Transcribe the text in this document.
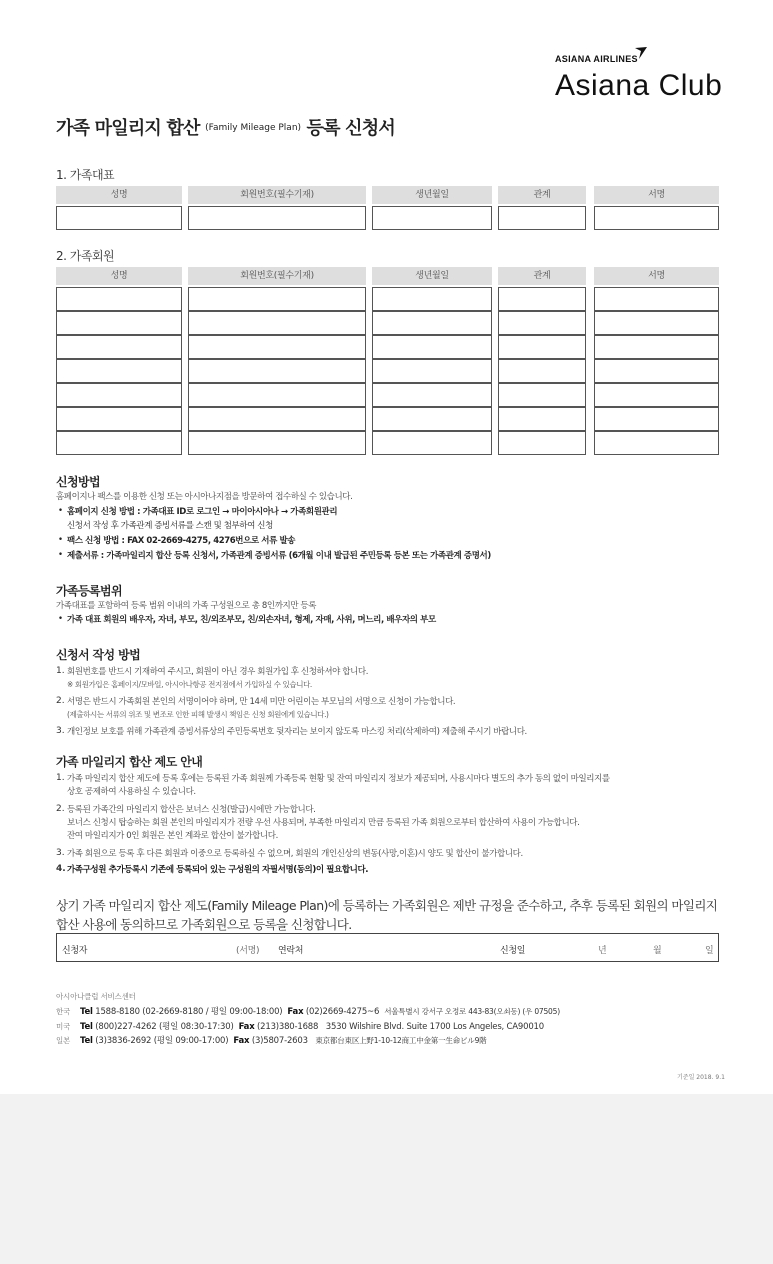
ASIANA AIRLINES
Asiana Club
가족 마일리지 합산 $^{(Family Mileage Plan)}$ 등록 신청서
1. 가족대표
성명	회원번호(필수기재)	생년월일	관계	서명
2. 가족회원
성명	회원번호(필수기재)	생년월일	관계	서명
신청방법
홈페이지나 팩스를 이용한 신청 또는 아시아나지점을 방문하여 접수하실 수 있습니다.
• 홈페이지 신청 방법 : 가족대표 ID로 로그인 → 마이아시아나 → 가족회원관리
신청서 작성 후 가족관계 증빙서류를 스캔 및 첨부하여 신청
• 팩스 신청 방법 : FAX 02-2669-4275, 4276번으로 서류 발송
• 제출서류 : 가족마일리지 합산 등록 신청서, 가족관계 증빙서류 (6개월 이내 발급된 주민등록 등본 또는 가족관계 증명서)
가족등록범위
가족대표를 포함하여 등록 범위 이내의 가족 구성원으로 총 8인까지만 등록
• 가족 대표 회원의 배우자, 자녀, 부모, 친/외조부모, 친/외손자녀, 형제, 자매, 사위, 며느리, 배우자의 부모
신청서 작성 방법
1. 회원번호를 반드시 기재하여 주시고, 회원이 아닌 경우 회원가입 후 신청하셔야 합니다.
※ 회원가입은 홈페이지/모바일, 아시아나항공 전지점에서 가입하실 수 있습니다.
2. 서명은 반드시 가족회원 본인의 서명이어야 하며, 만 14세 미만 어린이는 부모님의 서명으로 신청이 가능합니다.
(제출하시는 서류의 위조 및 변조로 인한 피해 발생시 책임은 신청 회원에게 있습니다.)
3. 개인정보 보호를 위해 가족관계 증빙서류상의 주민등록번호 뒷자리는 보이지 않도록 마스킹 처리(삭제하여) 제출해 주시기 바랍니다.
가족 마일리지 합산 제도 안내
1. 가족 마일리지 합산 제도에 등록 후에는 등록된 가족 회원께 가족등록 현황 및 잔여 마일리지 정보가 제공되며, 사용시마다 별도의 추가 동의 없이 마일리지를
상호 공제하여 사용하실 수 있습니다.
2. 등록된 가족간의 마일리지 합산은 보너스 신청(발급)시에만 가능합니다.
보너스 신청시 탑승하는 회원 본인의 마일리지가 전량 우선 사용되며, 부족한 마일리지 만큼 등록된 가족 회원으로부터 합산하여 사용이 가능합니다.
잔여 마일리지가 0인 회원은 본인 계좌로 합산이 불가합니다.
3. 가족 회원으로 등록 후 다른 회원과 이중으로 등록하실 수 없으며, 회원의 개인신상의 변동(사망,이혼)시 양도 및 합산이 불가합니다.
4. 가족구성원 추가등록시 기존에 등록되어 있는 구성원의 자필서명(동의)이 필요합니다.
상기 가족 마일리지 합산 제도(Family Mileage Plan)에 등록하는 가족회원은 제반 규정을 준수하고, 추후 등록된 회원의 마일리지 합산 사용에 동의하므로 가족회원으로 등록을 신청합니다.
신청자	(서명) 연락처	신청일	년	월	일
아시아나클럽 서비스센터
한국 Tel 1588-8180 (02-2669-8180 / 평일 09:00-18:00) Fax (02)2669-4275~6 서울특별시 강서구 오정로 443-83(오쇠동) (우 07505)
미국 Tel (800)227-4262 (평일 08:30-17:30) Fax (213)380-1688 3530 Wilshire Blvd. Suite 1700 Los Angeles, CA90010
일본 Tel (3)3836-2692 (평일 09:00-17:00) Fax (3)5807-2603 東京都台東区上野1-10-12商工中金第一生命ビル9階
기준일 2018. 9.1
